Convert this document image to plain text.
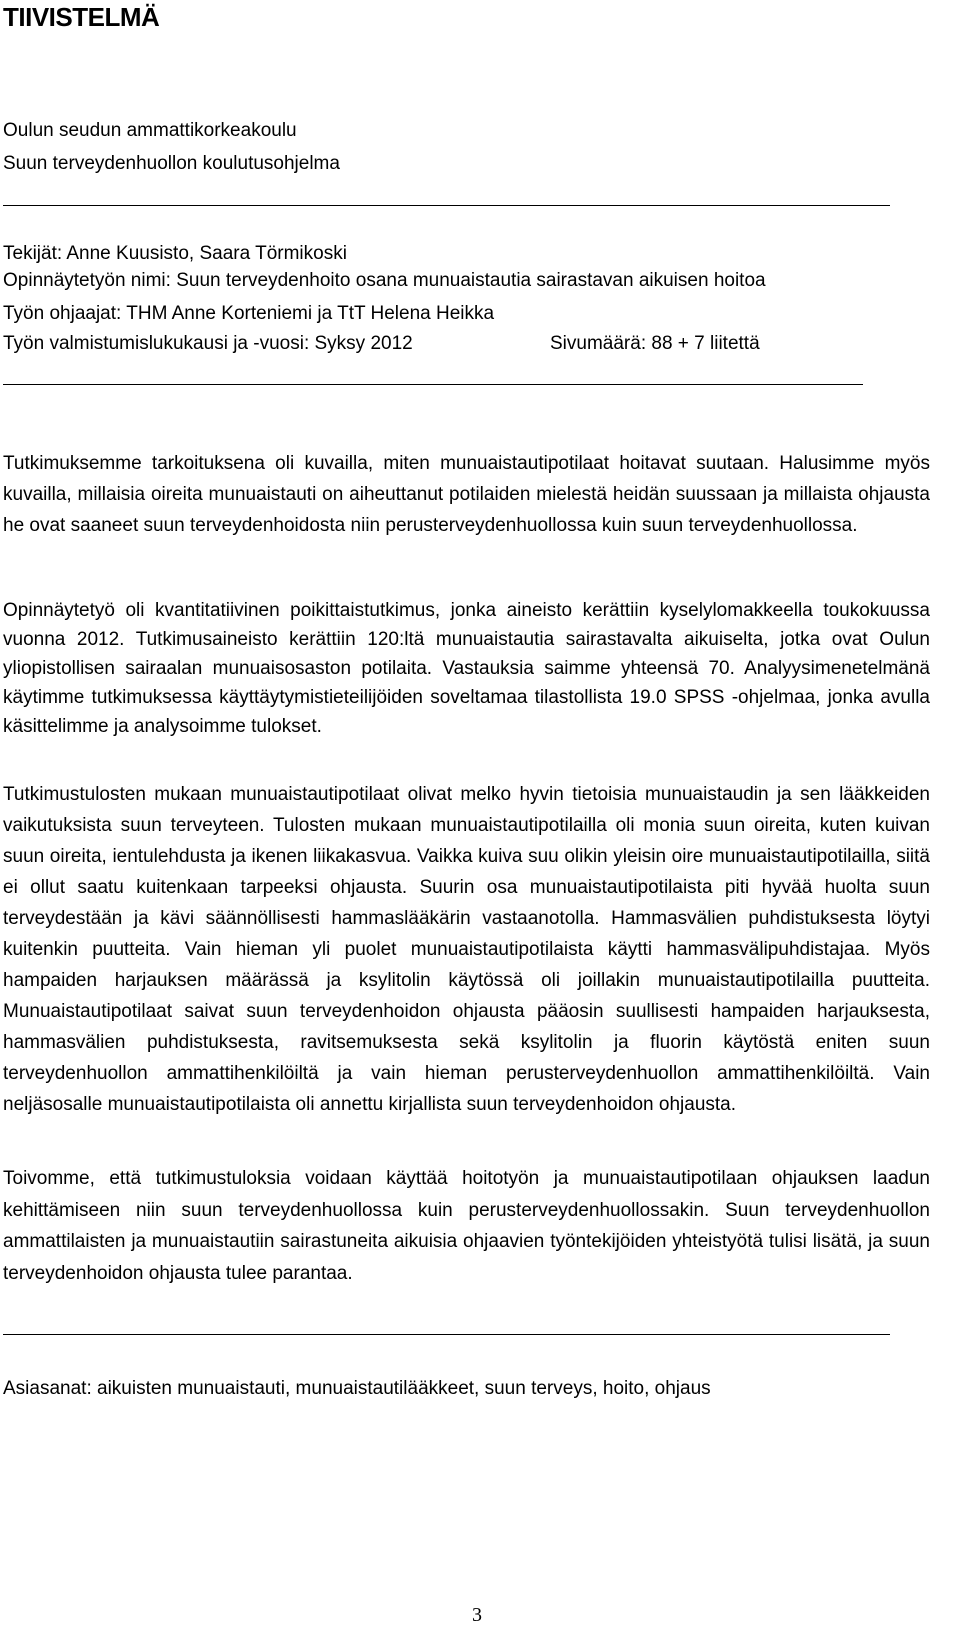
TIIVISTELMÄ

Oulun seudun ammattikorkeakoulu

Suun terveydenhuollon koulutusohjelma

Tekijät: Anne Kuusisto, Saara Törmikoski

Opinnäytetyön nimi: Suun terveydenhoito osana munuaistautia sairastavan aikuisen hoitoa

Työn ohjaajat: THM Anne Korteniemi ja TtT Helena Heikka

Työn valmistumislukukausi ja -vuosi: Syksy 2012	Sivumäärä: 88 + 7 liitettä

Tutkimuksemme tarkoituksena oli kuvailla, miten munuaistautipotilaat hoitavat suutaan. Halusimme myös kuvailla, millaisia oireita munuaistauti on aiheuttanut potilaiden mielestä heidän suussaan ja millaista ohjausta he ovat saaneet suun terveydenhoidosta niin perusterveydenhuollossa kuin suun terveydenhuollossa.

Opinnäytetyö oli kvantitatiivinen poikittaistutkimus, jonka aineisto kerättiin kyselylomakkeella toukokuussa vuonna 2012. Tutkimusaineisto kerättiin 120:ltä munuaistautia sairastavalta aikuiselta, jotka ovat Oulun yliopistollisen sairaalan munuaisosaston potilaita. Vastauksia saimme yhteensä 70. Analyysimenetelmänä käytimme tutkimuksessa käyttäytymistieteilijöiden soveltamaa tilastollista 19.0 SPSS -ohjelmaa, jonka avulla käsittelimme ja analysoimme tulokset.

Tutkimustulosten mukaan munuaistautipotilaat olivat melko hyvin tietoisia munuaistaudin ja sen lääkkeiden vaikutuksista suun terveyteen. Tulosten mukaan munuaistautipotilailla oli monia suun oireita, kuten kuivan suun oireita, ientulehdusta ja ikenen liikakasvua. Vaikka kuiva suu olikin yleisin oire munuaistautipotilailla, siitä ei ollut saatu kuitenkaan tarpeeksi ohjausta. Suurin osa munuaistautipotilaista piti hyvää huolta suun terveydestään ja kävi säännöllisesti hammaslääkärin vastaanotolla. Hammasvälien puhdistuksesta löytyi kuitenkin puutteita. Vain hieman yli puolet munuaistautipotilaista käytti hammasvälipuhdistajaa. Myös hampaiden harjauksen määrässä ja ksylitolin käytössä oli joillakin munuaistautipotilailla puutteita. Munuaistautipotilaat saivat suun terveydenhoidon ohjausta pääosin suullisesti hampaiden harjauksesta, hammasvälien puhdistuksesta, ravitsemuksesta sekä ksylitolin ja fluorin käytöstä eniten suun terveydenhuollon ammattihenkilöiltä ja vain hieman perusterveydenhuollon ammattihenkilöiltä. Vain neljäsosalle munuaistautipotilaista oli annettu kirjallista suun terveydenhoidon ohjausta.

Toivomme, että tutkimustuloksia voidaan käyttää hoitotyön ja munuaistautipotilaan ohjauksen laadun kehittämiseen niin suun terveydenhuollossa kuin perusterveydenhuollossakin. Suun terveydenhuollon ammattilaisten ja munuaistautiin sairastuneita aikuisia ohjaavien työntekijöiden yhteistyötä tulisi lisätä, ja suun terveydenhoidon ohjausta tulee parantaa.

Asiasanat: aikuisten munuaistauti, munuaistautilääkkeet, suun terveys, hoito, ohjaus

3
